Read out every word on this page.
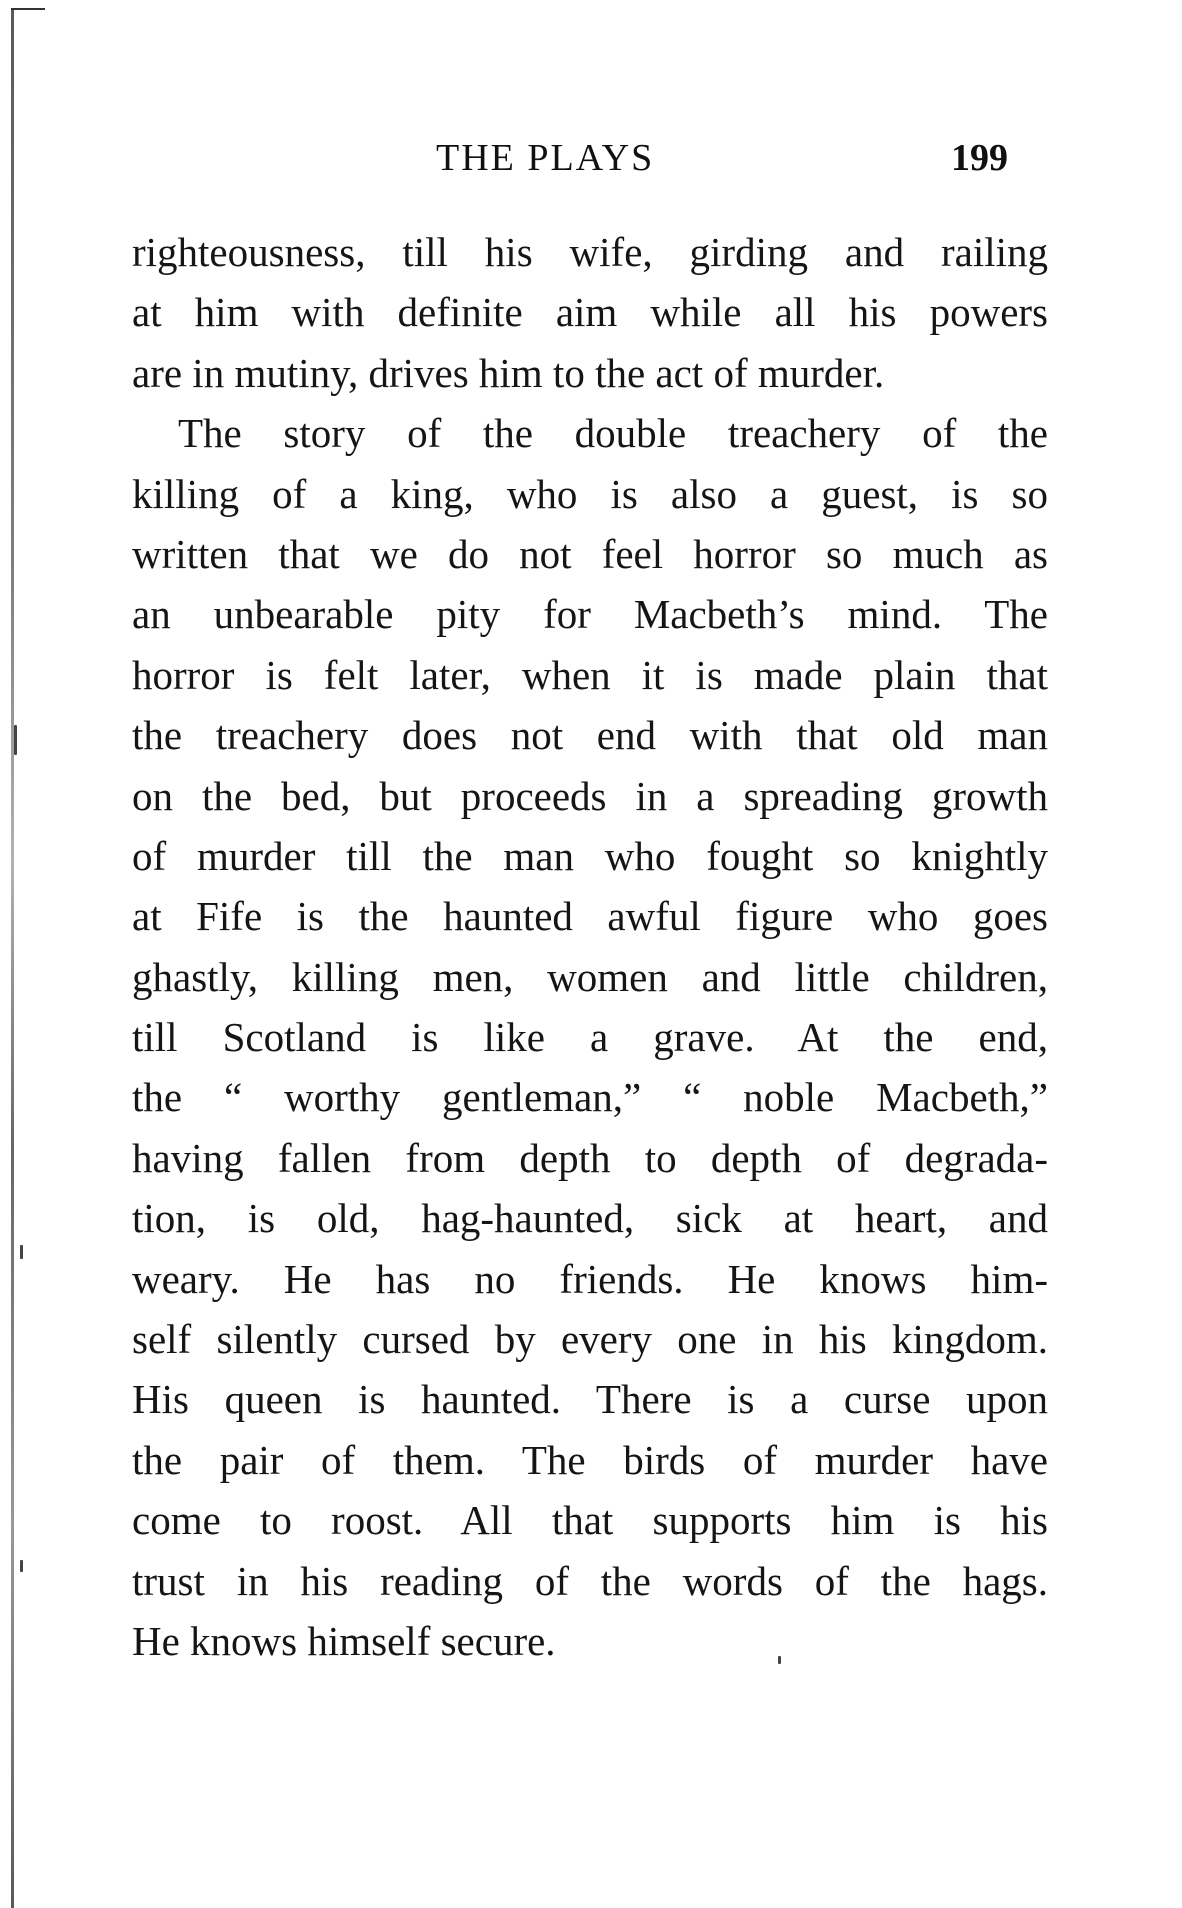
THE PLAYS	199
righteousness, till his wife, girding and railing
at him with definite aim while all his powers
are in mutiny, drives him to the act of murder.
The story of the double treachery of the
killing of a king, who is also a guest, is so
written that we do not feel horror so much as
an unbearable pity for Macbeth’s mind. The
horror is felt later, when it is made plain that
the treachery does not end with that old man
on the bed, but proceeds in a spreading growth
of murder till the man who fought so knightly
at Fife is the haunted awful figure who goes
ghastly, killing men, women and little children,
till Scotland is like a grave. At the end,
the “ worthy gentleman,” “ noble Macbeth,”
having fallen from depth to depth of degrada-
tion, is old, hag-haunted, sick at heart, and
weary. He has no friends. He knows him-
self silently cursed by every one in his kingdom.
His queen is haunted. There is a curse upon
the pair of them. The birds of murder have
come to roost. All that supports him is his
trust in his reading of the words of the hags.
He knows himself secure.
